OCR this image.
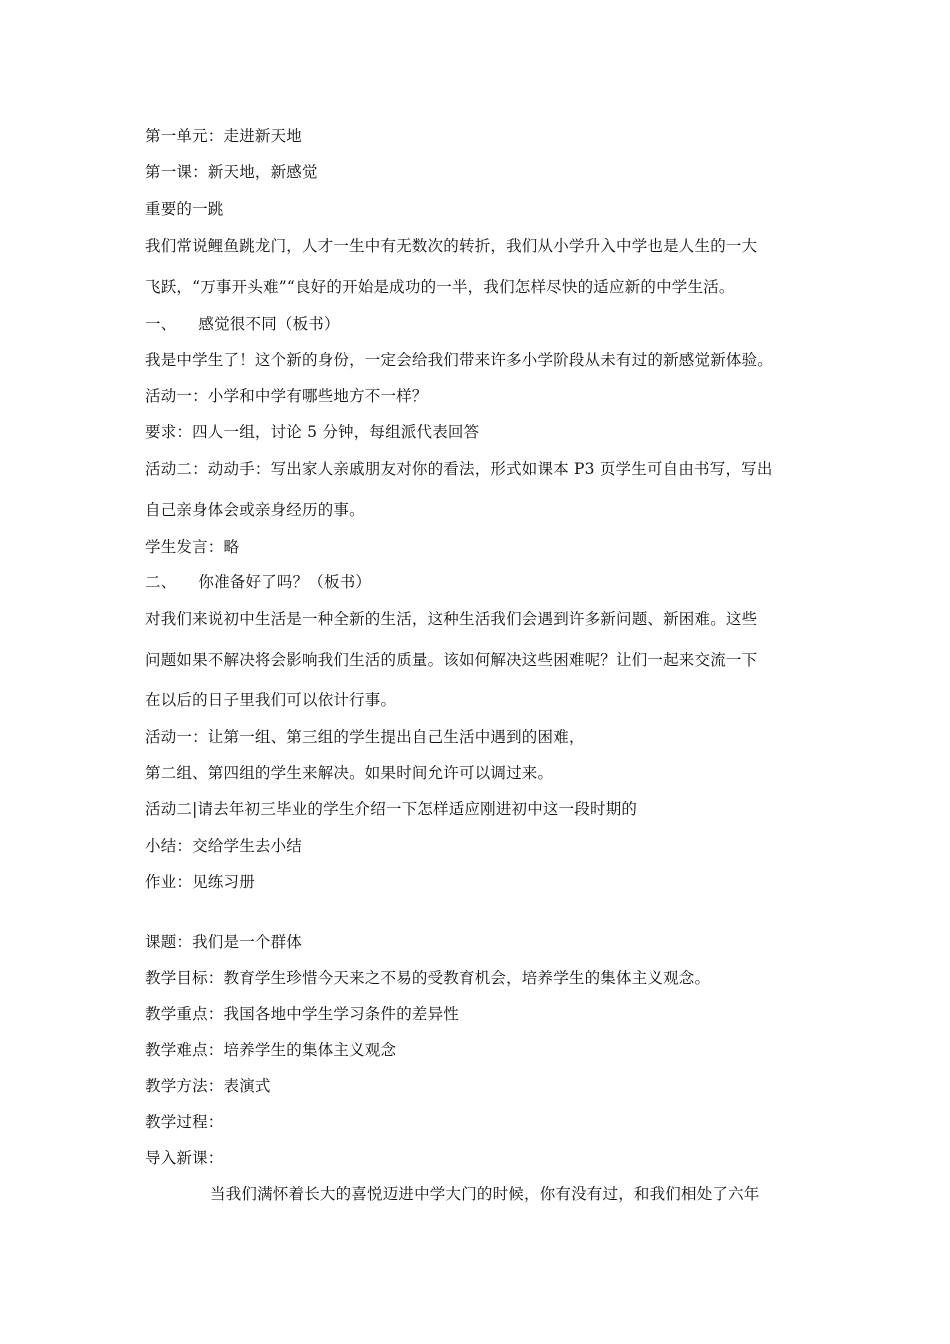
第一单元：走进新天地
第一课：新天地，新感觉
重要的一跳
我们常说鲤鱼跳龙门，人才一生中有无数次的转折，我们从小学升入中学也是人生的一大
飞跃，“万事开头难”“良好的开始是成功的一半，我们怎样尽快的适应新的中学生活。
一、 感觉很不同（板书）
我是中学生了！这个新的身份，一定会给我们带来许多小学阶段从未有过的新感觉新体验。
活动一：小学和中学有哪些地方不一样？
要求：四人一组，讨论 5 分钟，每组派代表回答
活动二：动动手：写出家人亲戚朋友对你的看法，形式如课本 P3 页学生可自由书写，写出
自己亲身体会或亲身经历的事。
学生发言：略
二、 你准备好了吗？（板书）
对我们来说初中生活是一种全新的生活，这种生活我们会遇到许多新问题、新困难。这些
问题如果不解决将会影响我们生活的质量。该如何解决这些困难呢？让们一起来交流一下
在以后的日子里我们可以依计行事。
活动一：让第一组、第三组的学生提出自己生活中遇到的困难，
第二组、第四组的学生来解决。如果时间允许可以调过来。
活动二|请去年初三毕业的学生介绍一下怎样适应刚进初中这一段时期的
小结：交给学生去小结
作业：见练习册
课题：我们是一个群体
教学目标：教育学生珍惜今天来之不易的受教育机会，培养学生的集体主义观念。
教学重点：我国各地中学生学习条件的差异性
教学难点：培养学生的集体主义观念
教学方法：表演式
教学过程：
导入新课：
当我们满怀着长大的喜悦迈进中学大门的时候，你有没有过，和我们相处了六年
